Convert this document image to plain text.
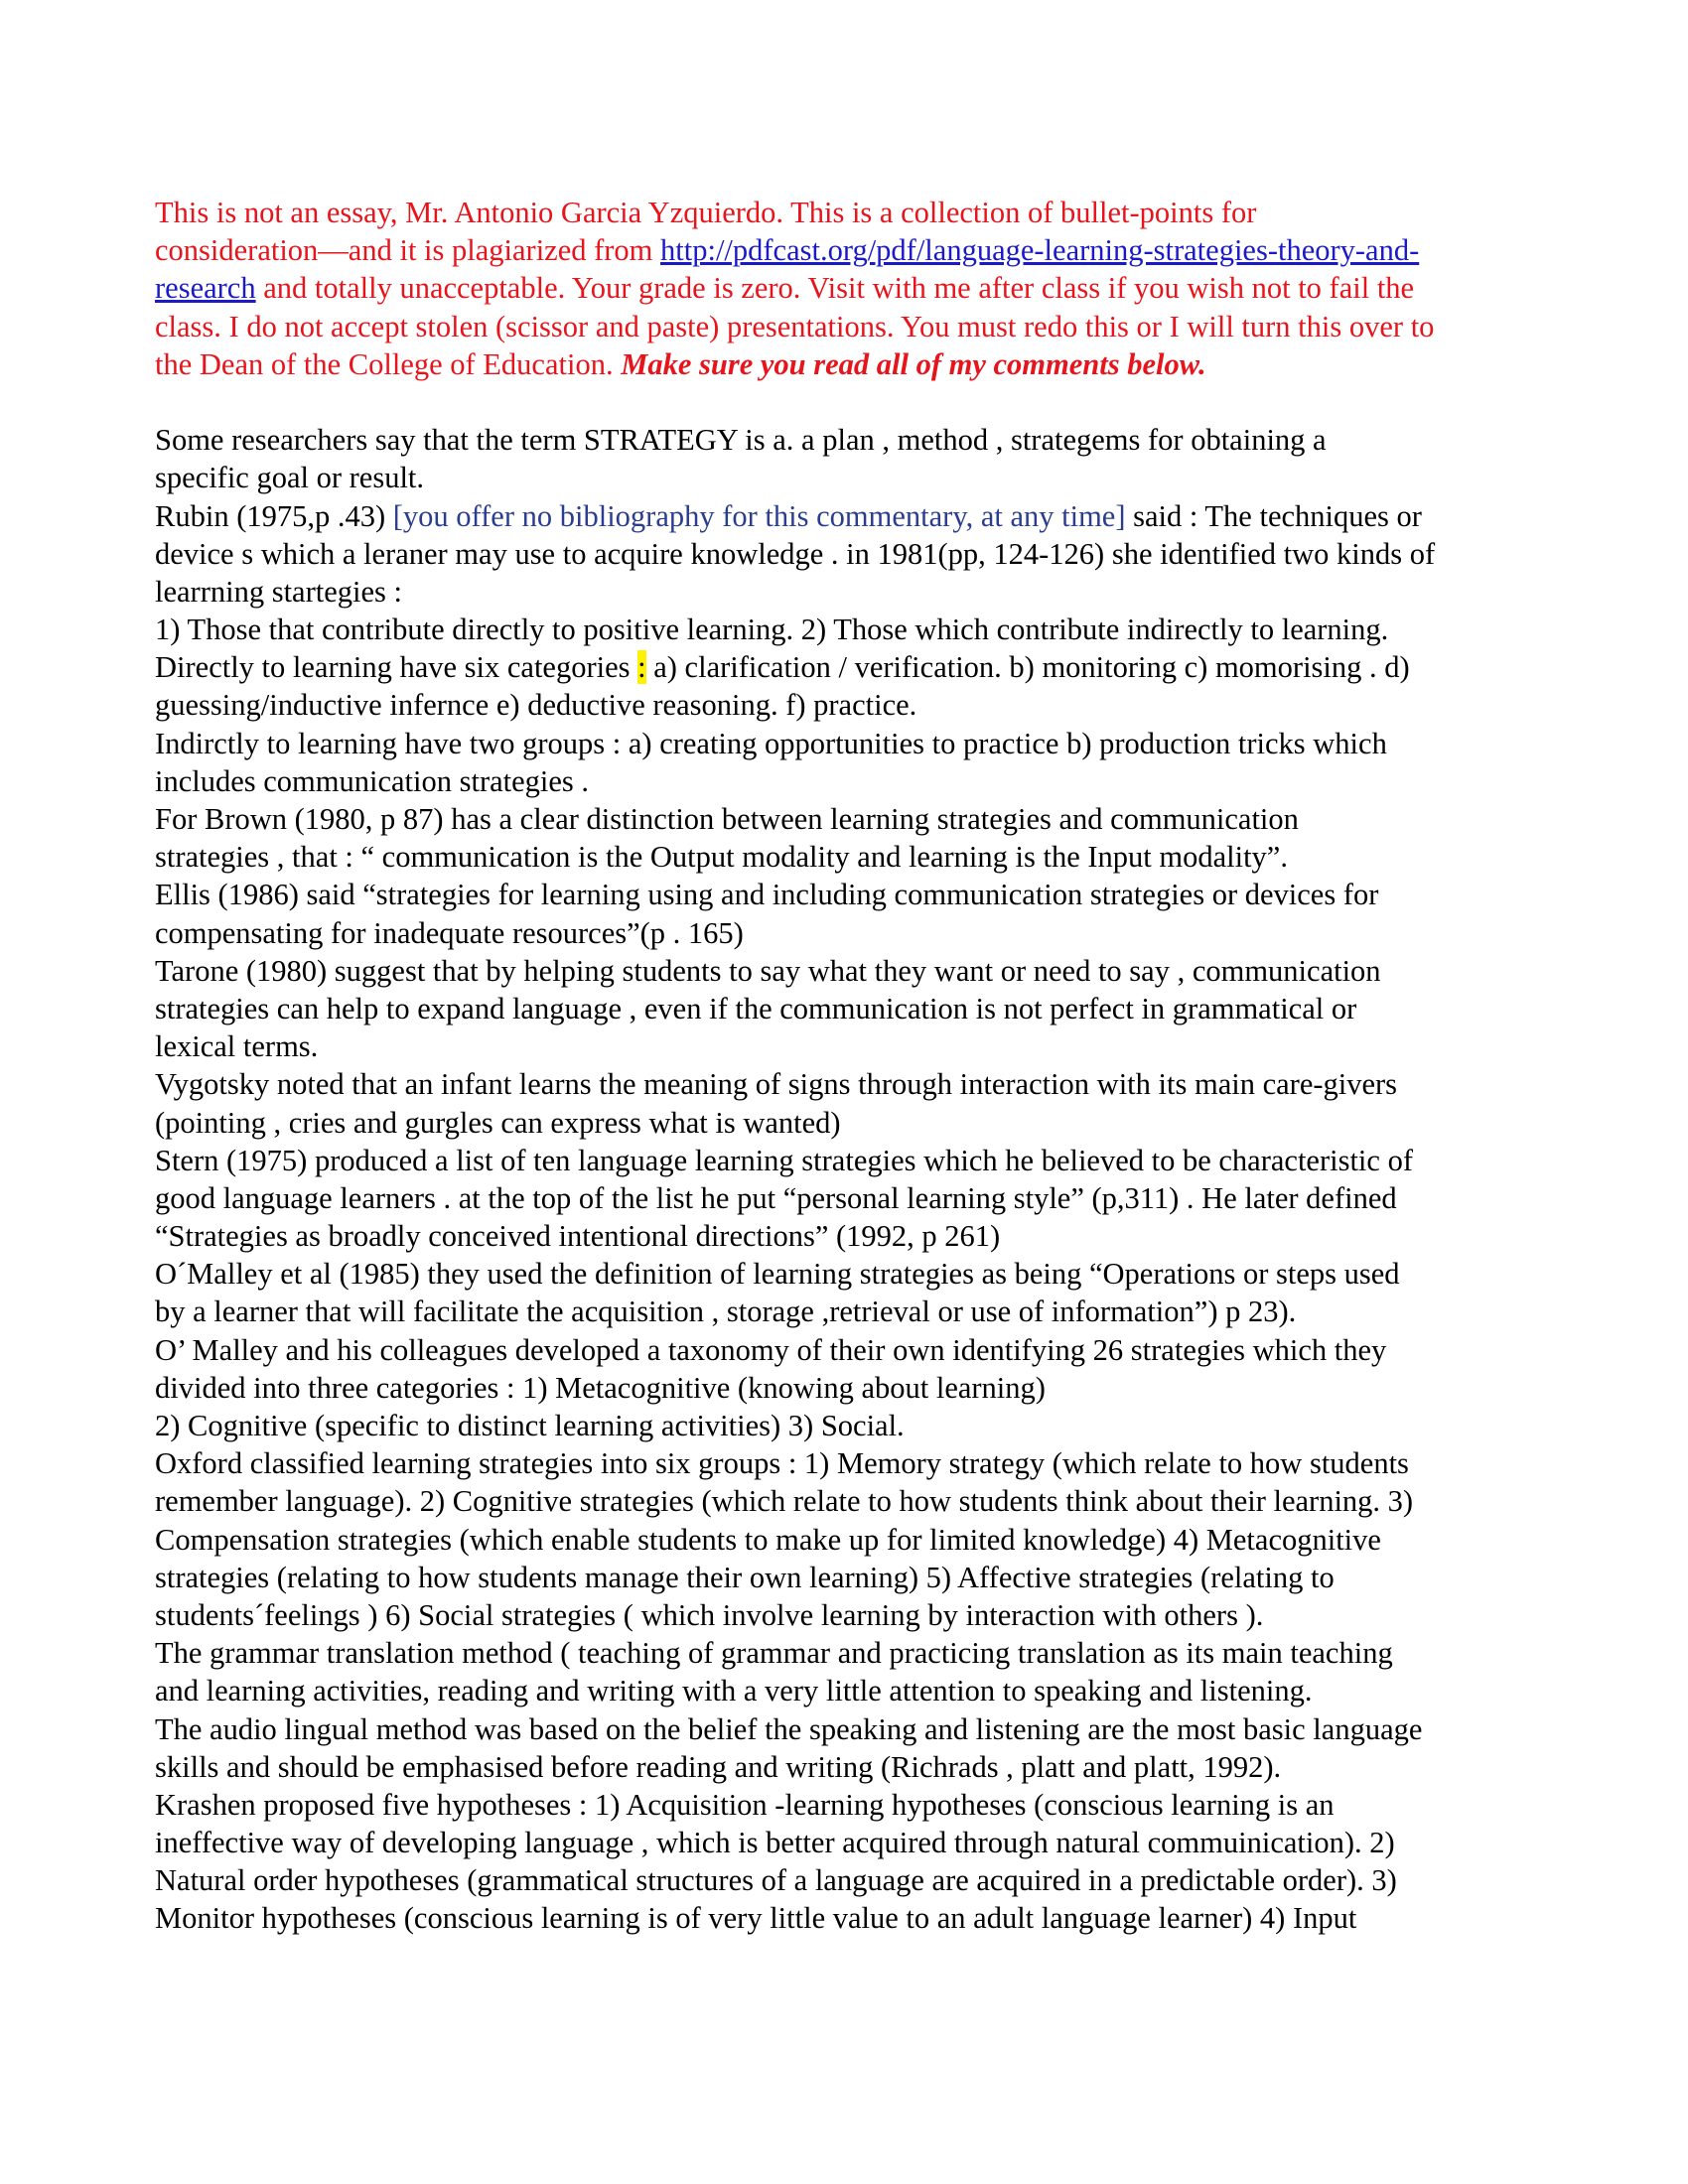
This is not an essay, Mr. Antonio Garcia Yzquierdo. This is a collection of bullet-points for
consideration—and it is plagiarized from http://pdfcast.org/pdf/language-learning-strategies-theory-and-
research and totally unacceptable. Your grade is zero. Visit with me after class if you wish not to fail the
class. I do not accept stolen (scissor and paste) presentations. You must redo this or I will turn this over to
the Dean of the College of Education. Make sure you read all of my comments below.
Some researchers say that the term STRATEGY is a. a plan , method , strategems for obtaining a
specific goal or result.
Rubin (1975,p .43) [you offer no bibliography for this commentary, at any time] said : The techniques or
device s which a leraner may use to acquire knowledge . in 1981(pp, 124-126) she identified two kinds of
learrning startegies :
1) Those that contribute directly to positive learning. 2) Those which contribute indirectly to learning.
Directly to learning have six categories : a) clarification / verification. b) monitoring c) momorising . d)
guessing/inductive infernce e) deductive reasoning. f) practice.
Indirctly to learning have two groups : a) creating opportunities to practice b) production tricks which
includes communication strategies .
For Brown (1980, p 87) has a clear distinction between learning strategies and communication
strategies , that : “ communication is the Output modality and learning is the Input modality”.
Ellis (1986) said “strategies for learning using and including communication strategies or devices for
compensating for inadequate resources”(p . 165)
Tarone (1980) suggest that by helping students to say what they want or need to say , communication
strategies can help to expand language , even if the communication is not perfect in grammatical or
lexical terms.
Vygotsky noted that an infant learns the meaning of signs through interaction with its main care-givers
(pointing , cries and gurgles can express what is wanted)
Stern (1975) produced a list of ten language learning strategies which he believed to be characteristic of
good language learners . at the top of the list he put “personal learning style” (p,311) . He later defined
“Strategies as broadly conceived intentional directions” (1992, p 261)
O´Malley et al (1985) they used the definition of learning strategies as being “Operations or steps used
by a learner that will facilitate the acquisition , storage ,retrieval or use of information”) p 23).
O’ Malley and his colleagues developed a taxonomy of their own identifying 26 strategies which they
divided into three categories : 1) Metacognitive (knowing about learning)
2) Cognitive (specific to distinct learning activities) 3) Social.
Oxford classified learning strategies into six groups : 1) Memory strategy (which relate to how students
remember language). 2) Cognitive strategies (which relate to how students think about their learning. 3)
Compensation strategies (which enable students to make up for limited knowledge) 4) Metacognitive
strategies (relating to how students manage their own learning) 5) Affective strategies (relating to
students´feelings ) 6) Social strategies ( which involve learning by interaction with others ).
The grammar translation method ( teaching of grammar and practicing translation as its main teaching
and learning activities, reading and writing with a very little attention to speaking and listening.
The audio lingual method was based on the belief the speaking and listening are the most basic language
skills and should be emphasised before reading and writing (Richrads , platt and platt, 1992).
Krashen proposed five hypotheses : 1) Acquisition -learning hypotheses (conscious learning is an
ineffective way of developing language , which is better acquired through natural commuinication). 2)
Natural order hypotheses (grammatical structures of a language are acquired in a predictable order). 3)
Monitor hypotheses (conscious learning is of very little value to an adult language learner) 4) Input
